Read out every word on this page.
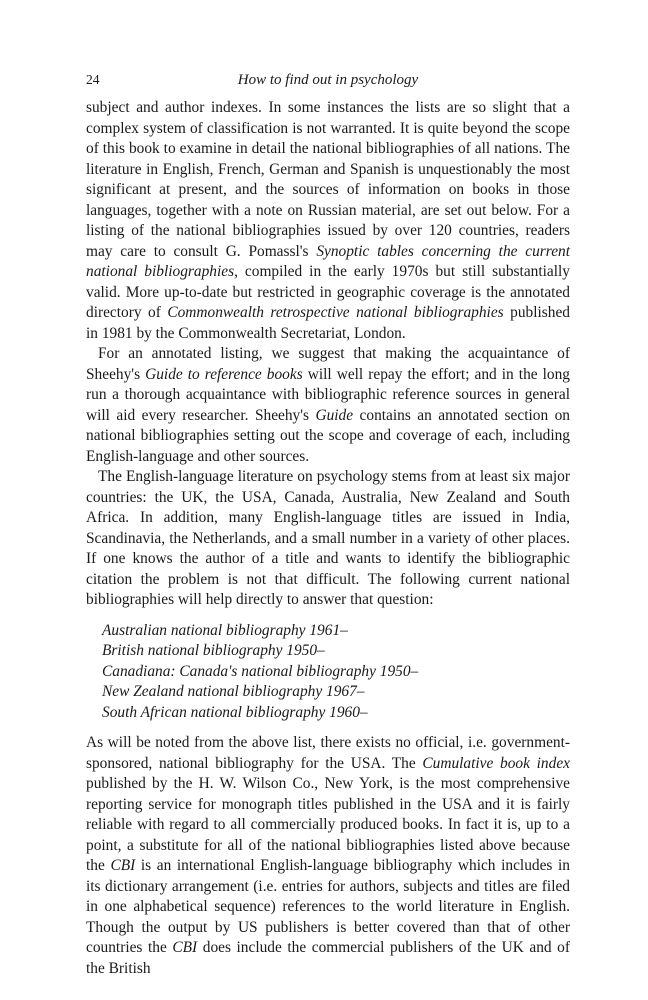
24	How to find out in psychology

subject and author indexes. In some instances the lists are so slight that a complex system of classification is not warranted. It is quite beyond the scope of this book to examine in detail the national bibliographies of all nations. The literature in English, French, German and Spanish is unquestionably the most significant at present, and the sources of information on books in those languages, together with a note on Russian material, are set out below. For a listing of the national bibliographies issued by over 120 countries, readers may care to consult G. Pomassl's Synoptic tables concerning the current national bibliographies, compiled in the early 1970s but still substantially valid. More up-to-date but restricted in geographic coverage is the annotated directory of Commonwealth retrospective national bibliographies published in 1981 by the Commonwealth Secretariat, London.

For an annotated listing, we suggest that making the acquaintance of Sheehy's Guide to reference books will well repay the effort; and in the long run a thorough acquaintance with bibliographic reference sources in general will aid every researcher. Sheehy's Guide contains an annotated section on national bibliographies setting out the scope and coverage of each, including English-language and other sources.

The English-language literature on psychology stems from at least six major countries: the UK, the USA, Canada, Australia, New Zealand and South Africa. In addition, many English-language titles are issued in India, Scandinavia, the Netherlands, and a small number in a variety of other places. If one knows the author of a title and wants to identify the bibliographic citation the problem is not that difficult. The following current national bibliographies will help directly to answer that question:

Australian national bibliography 1961–
British national bibliography 1950–
Canadiana: Canada's national bibliography 1950–
New Zealand national bibliography 1967–
South African national bibliography 1960–

As will be noted from the above list, there exists no official, i.e. government-sponsored, national bibliography for the USA. The Cumulative book index published by the H. W. Wilson Co., New York, is the most comprehensive reporting service for monograph titles published in the USA and it is fairly reliable with regard to all commercially produced books. In fact it is, up to a point, a substitute for all of the national bibliographies listed above because the CBI is an international English-language bibliography which includes in its dictionary arrangement (i.e. entries for authors, subjects and titles are filed in one alphabetical sequence) references to the world literature in English. Though the output by US publishers is better covered than that of other countries the CBI does include the commercial publishers of the UK and of the British
